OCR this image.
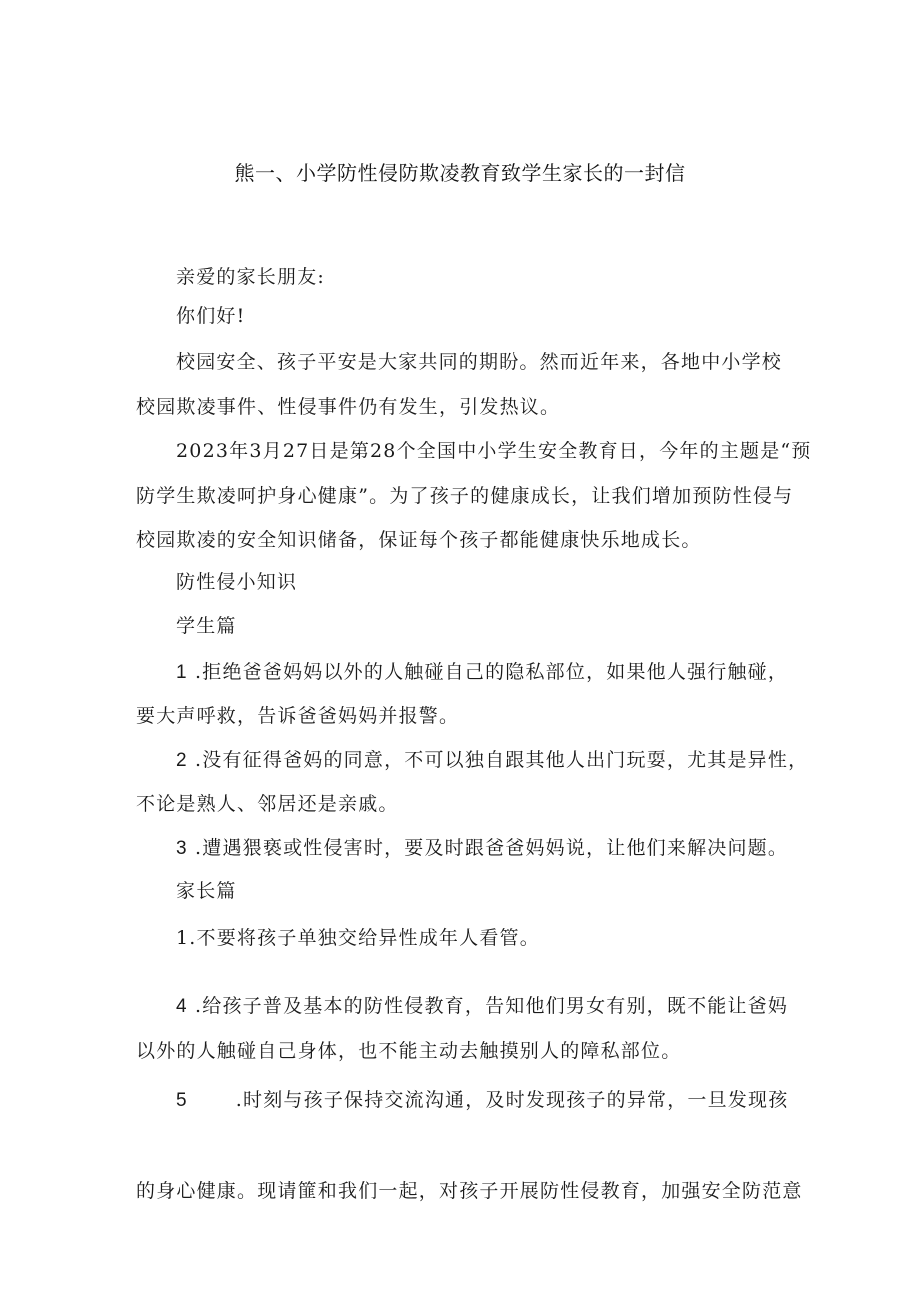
熊一、小学防性侵防欺凌教育致学生家长的一封信
亲爱的家长朋友:
你们好!
校园安全、孩子平安是大家共同的期盼。然而近年来，各地中小学校
校园欺凌事件、性侵事件仍有发生，引发热议。
2023年3月27日是第28个全国中小学生安全教育日，今年的主题是“预
防学生欺凌呵护身心健康”。为了孩子的健康成长，让我们增加预防性侵与
校园欺凌的安全知识储备，保证每个孩子都能健康快乐地成长。
防性侵小知识
学生篇
1 .拒绝爸爸妈妈以外的人触碰自己的隐私部位，如果他人强行触碰，
要大声呼救，告诉爸爸妈妈并报警。
2 .没有征得爸妈的同意，不可以独自跟其他人出门玩耍，尤其是异性，
不论是熟人、邻居还是亲戚。
3 .遭遇猥亵或性侵害时，要及时跟爸爸妈妈说，让他们来解决问题。
家长篇
1.不要将孩子单独交给异性成年人看管。
4 .给孩子普及基本的防性侵教育，告知他们男女有别，既不能让爸妈
以外的人触碰自己身体，也不能主动去触摸别人的障私部位。
5	.时刻与孩子保持交流沟通，及时发现孩子的异常，一旦发现孩
的身心健康。现请篚和我们一起，对孩子开展防性侵教育，加强安全防范意
